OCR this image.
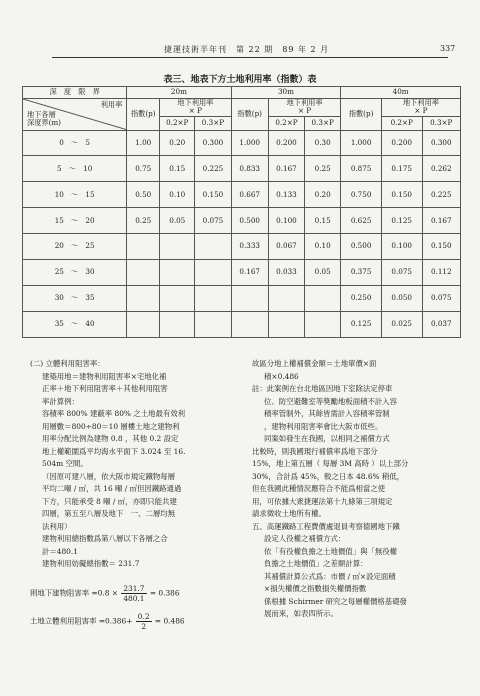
捷運技術半年刊　第 22 期　89 年 2 月	337
表三、地表下方土地利用率（指數）表
深　度　限　界	20m			30m			40m		

利用率
地下各層
深度界(m)	指數(p)	地下利用率
× P		指數(p)	地下利用率
× P		指數(p)	地下利用率
× P	
		0.2×P	0.3×P		0.2×P	0.3×P		0.2×P	0.3×P
0　～　5	1.00	0.20	0.300	1.000	0.200	0.30	1.000	0.200	0.300
5　～　10	0.75	0.15	0.225	0.833	0.167	0.25	0.875	0.175	0.262
10　～　15	0.50	0.10	0.150	0.667	0.133	0.20	0.750	0.150	0.225
15　～　20	0.25	0.05	0.075	0.500	0.100	0.15	0.625	0.125	0.167
20　～　25				0.333	0.067	0.10	0.500	0.100	0.150
25　～　30				0.167	0.033	0.05	0.375	0.075	0.112
30　～　35							0.250	0.050	0.075
35　～　40							0.125	0.025	0.037

(二) 立體利用阻害率：

建築用地＝建物利用阻害率×宅地化補

正率＋地下利用阻害率＋其他利用阻害

率計算例：

容積率 800% 建蔽率 80% 之土地最有效利

用層數＝800÷80＝10 層樓土地之建物利

用率分配比例為建物 0.8 ，其他 0.2 設定

地上權範圍爲平均海水平面下 3.024 至 16.

504m 空間。

（因原可建八層，依大阪市規定鐵物每層

平均二噸 / ㎡，共 16 噸 / ㎡但因鐵路通過

下方，只能承受 8 噸 / ㎡，亦即只能共建

四層，第五至八層及地下　一、二層均無

法利用）

建物利用總指數爲第八層以下各層之合

計＝480.1

建物利用妨礙總指數＝ 231.7

則地下建物阻害率 $=0.8 \times \frac{231.7}{480.1} = 0.386$
土地立體利用阻害率 $=0.386+ \frac{0.2}{2} = 0.486$

故區分地上權補償金額＝土地單價×面

積×0.486

註：此案例在台北地區因地下室除法定停車

位、防空避難室等獎勵地板面積不計入容

積率管制外，其餘皆需計入容積率管制

，建物利用阻害率會比大阪市低些。

同案如發生在我國，以相同之補償方式

比較時，則我國現行補償率爲地下部分

15%，地上第五層（ 每層 3M 高時 ）以上部分

30%，合計爲 45%，較之日本 48.6% 稍低，

但在我國此種情況應符合不能爲相當之使

用，可依據大衆捷運法第十九條第三項規定

請求徵收土地所有權。

五、高運鐵路工程費價處退員考察德國地下鐵

設定人役權之補償方式：

依「有役權負擔之土地價值」與「無役權

負擔之土地價值」之差額計算：

其補償計算公式爲：市價 / ㎡×設定面積

×損失權價之指數損失權價指數

係根據 Schirmer 研究之每層權價格基礎發

展而來，如表四所示。
